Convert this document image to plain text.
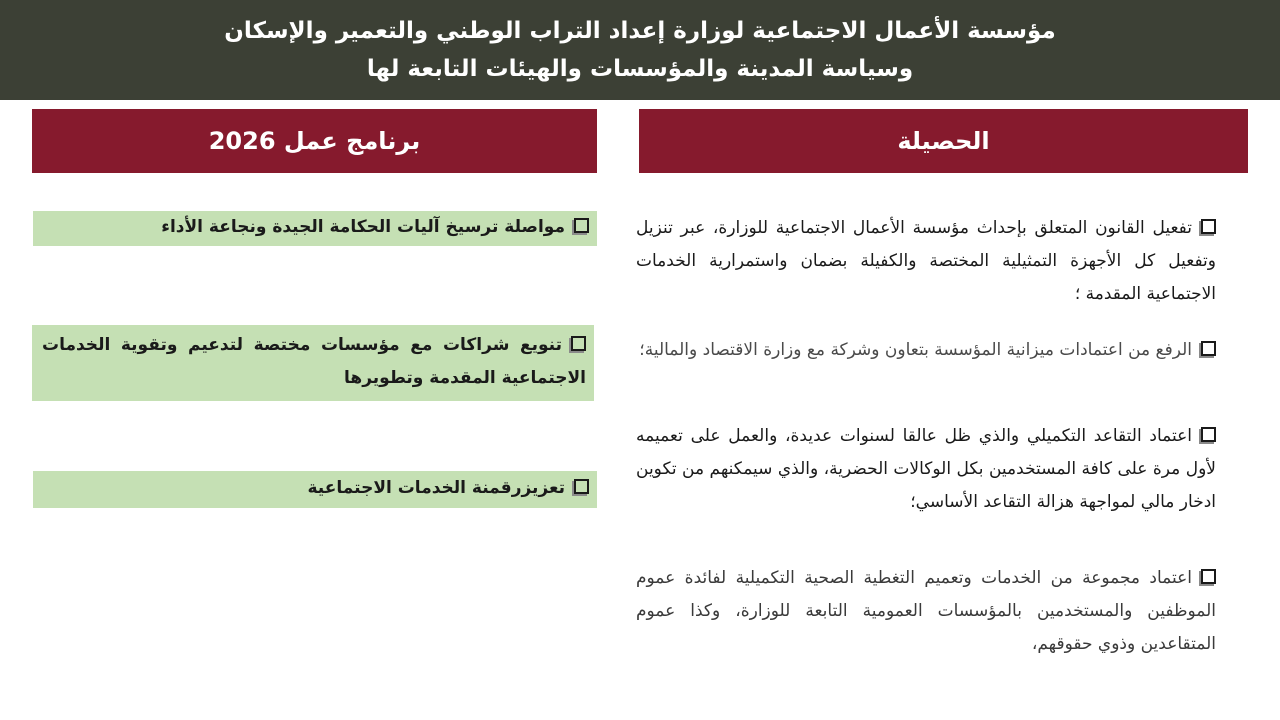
مؤسسة الأعمال الاجتماعية لوزارة إعداد التراب الوطني والتعمير والإسكان
وسياسة المدينة والمؤسسات والهيئات التابعة لها
الحصيلة
برنامج عمل 2026
تفعيل القانون المتعلق بإحداث مؤسسة الأعمال الاجتماعية للوزارة، عبر تنزيل وتفعيل كل الأجهزة التمثيلية المختصة والكفيلة بضمان واستمرارية الخدمات الاجتماعية المقدمة ؛
الرفع من اعتمادات ميزانية المؤسسة بتعاون وشركة مع وزارة الاقتصاد والمالية؛
اعتماد التقاعد التكميلي والذي ظل عالقا لسنوات عديدة، والعمل على تعميمه لأول مرة على كافة المستخدمين بكل الوكالات الحضرية، والذي سيمكنهم من تكوين ادخار مالي لمواجهة هزالة التقاعد الأساسي؛
اعتماد مجموعة من الخدمات وتعميم التغطية الصحية التكميلية لفائدة عموم الموظفين والمستخدمين بالمؤسسات العمومية التابعة للوزارة، وكذا عموم المتقاعدين وذوي حقوقهم،
مواصلة ترسيخ آليات الحكامة الجيدة ونجاعة الأداء
تنويع شراكات مع مؤسسات مختصة لتدعيم وتقوية الخدمات الاجتماعية المقدمة وتطويرها
تعزيزرقمنة الخدمات الاجتماعية
